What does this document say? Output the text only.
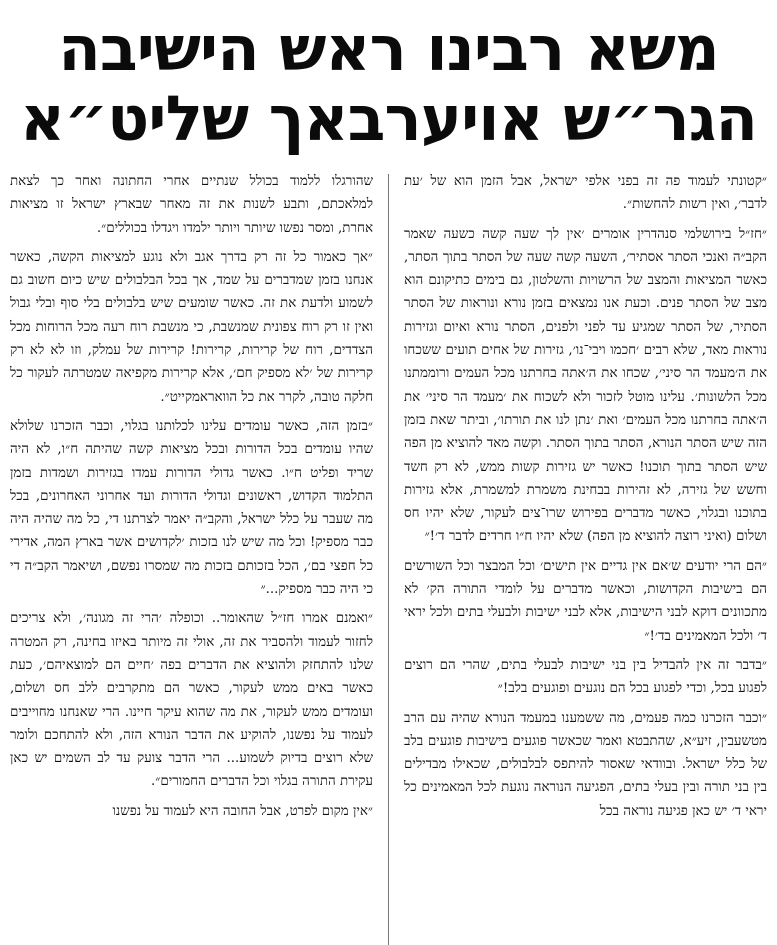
משא רבינו ראש הישיבה
הגר״ש אויערבאך שליט״א

״קטונתי לעמוד פה זה בפני אלפי ישראל, אבל הזמן הוא של ׳עת לדבר׳, ואין רשות להחשות״.

״חז״ל בירושלמי סנהדרין אומרים ׳אין לך שעה קשה כשעה שאמר הקב״ה ואנכי הסתר אסתיר׳, השעה קשה שעה של הסתר בתוך הסתר, כאשר המציאות והמצב של הרשויות והשלטון, גם בימים כתיקונם הוא מצב של הסתר פנים. וכעת אנו נמצאים בזמן נורא ונוראות של הסתר הסתיר, של הסתר שמגיע עד לפני ולפנים, הסתר נורא ואיום וגזירות נוראות מאד, שלא רבים ׳חכמו ויבי־נו׳, גזירות של אחים תועים ששכחו את ה׳מעמד הר סיני׳, שכחו את ה׳אתה בחרתנו מכל העמים ורוממתנו מכל הלשונות׳. עלינו מוטל לזכור ולא לשכוח את ׳מעמד הר סיני׳ את ה׳אתה בחרתנו מכל העמים׳ ואת ׳נתן לנו את תורתו׳, וביתר שאת בזמן הזה שיש הסתר הנורא, הסתר בתוך הסתר. וקשה מאד להוציא מן הפה שיש הסתר בתוך תוכנו! כאשר יש גזירות קשות ממש, לא רק חשד וחשש של גזירה, לא זהירות בבחינת משמרת למשמרת, אלא גזירות בתוכנו ובגלוי, כאשר מדברים בפירוש שרו־צים לעקור, שלא יהיו חס ושלום (ואיני רוצה להוציא מן הפה) שלא יהיו ח״ו חרדים לדבר ד׳!״

״הם הרי יודעים ש׳אם אין גדיים אין תישים׳ וכל המבצר וכל השורשים הם בישיבות הקדושות, וכאשר מדברים על לומדי התורה הק׳ לא מתכוונים דוקא לבני הישיבות, אלא לבני ישיבות ולבעלי בתים ולכל יראי ד׳ ולכל המאמינים בד׳!״

״בדבר זה אין להבדיל בין בני ישיבות לבעלי בתים, שהרי הם רוצים לפגוע בכל, וכדי לפגוע בכל הם נוגעים ופוגעים בלב!״

״וכבר הזכרנו כמה פעמים, מה ששמענו במעמד הנורא שהיה עם הרב מטשעבין, זיע״א, שהתבטא ואמר שכאשר פוגעים בישיבות פוגעים בלב של כלל ישראל. ובוודאי שאסור להיתפס לבלבולים, שכאילו מבדילים בין בני תורה ובין בעלי בתים, הפגיעה הנוראה נוגעת לכל המאמינים כל יראי ד׳ יש כאן פגיעה נוראה בכל

שהורגלו ללמוד בכולל שנתיים אחרי החתונה ואחר כך לצאת למלאכתם, ותבע לשנות את זה מאחר שבארץ ישראל זו מציאות אחרת, ומסר נפשו שיותר ויותר ילמדו ויגדלו בכוללים״.

״אך כאמור כל זה רק בדרך אגב ולא נוגע למציאות הקשה, כאשר אנחנו בזמן שמדברים על שמד, אך בכל הבלבולים שיש כיום חשוב גם לשמוע ולדעת את זה. כאשר שומעים שיש בלבולים בלי סוף ובלי גבול ואין זו רק רוח צפונית שמנשבת, כי מנשבת רוח רעה מכל הרוחות מכל הצדדים, רוח של קרירות, קרירות! קרירות של עמלק, וזו לא לא רק קרירות של ׳לא מספיק חם׳, אלא קרירות מקפיאה שמטרתה לעקור כל חלקה טובה, לקרר את כל הוואראמקייט״.

״בזמן הזה, כאשר עומדים עלינו לכלותנו בגלוי, וכבר הזכרנו שלולא שהיו עומדים בכל הדורות ובכל מציאות קשה שהיתה ח״ו, לא היה שריד ופליט ח״ו. כאשר גדולי הדורות עמדו בגזירות ושמדות בזמן התלמוד הקדוש, ראשונים וגדולי הדורות ועד אחרוני האחרונים, בכל מה שעבר על כלל ישראל, והקב״ה יאמר לצרתנו די, כל מה שהיה היה כבר מספיק! וכל מה שיש לנו בזכות ׳לקדושים אשר בארץ המה, אדירי כל חפצי בם׳, הכל בזכותם בזכות מה שמסרו נפשם, ושיאמר הקב״ה די כי היה כבר מספיק...״

״ואמנם אמרו חז״ל שהאומר.. וכופלה ׳הרי זה מגונה׳, ולא צריכים לחזור לעמוד ולהסביר את זה, אולי זה מיותר באיזו בחינה, רק המטרה שלנו להתחזק ולהוציא את הדברים בפה ׳חיים הם למוצאיהם׳, כעת כאשר באים ממש לעקור, כאשר הם מתקרבים ללב חס ושלום, ועומדים ממש לעקור, את מה שהוא עיקר חיינו. הרי שאנחנו מחוייבים לעמוד על נפשנו, להוקיע את הדבר הנורא הזה, ולא להתחכם ולומר שלא רוצים בדיוק לשמוע... הרי הדבר צועק עד לב השמים יש כאן עקירת התורה בגלוי וכל הדברים החמורים״.

״אין מקום לפרט, אבל החובה היא לעמוד על נפשנו
